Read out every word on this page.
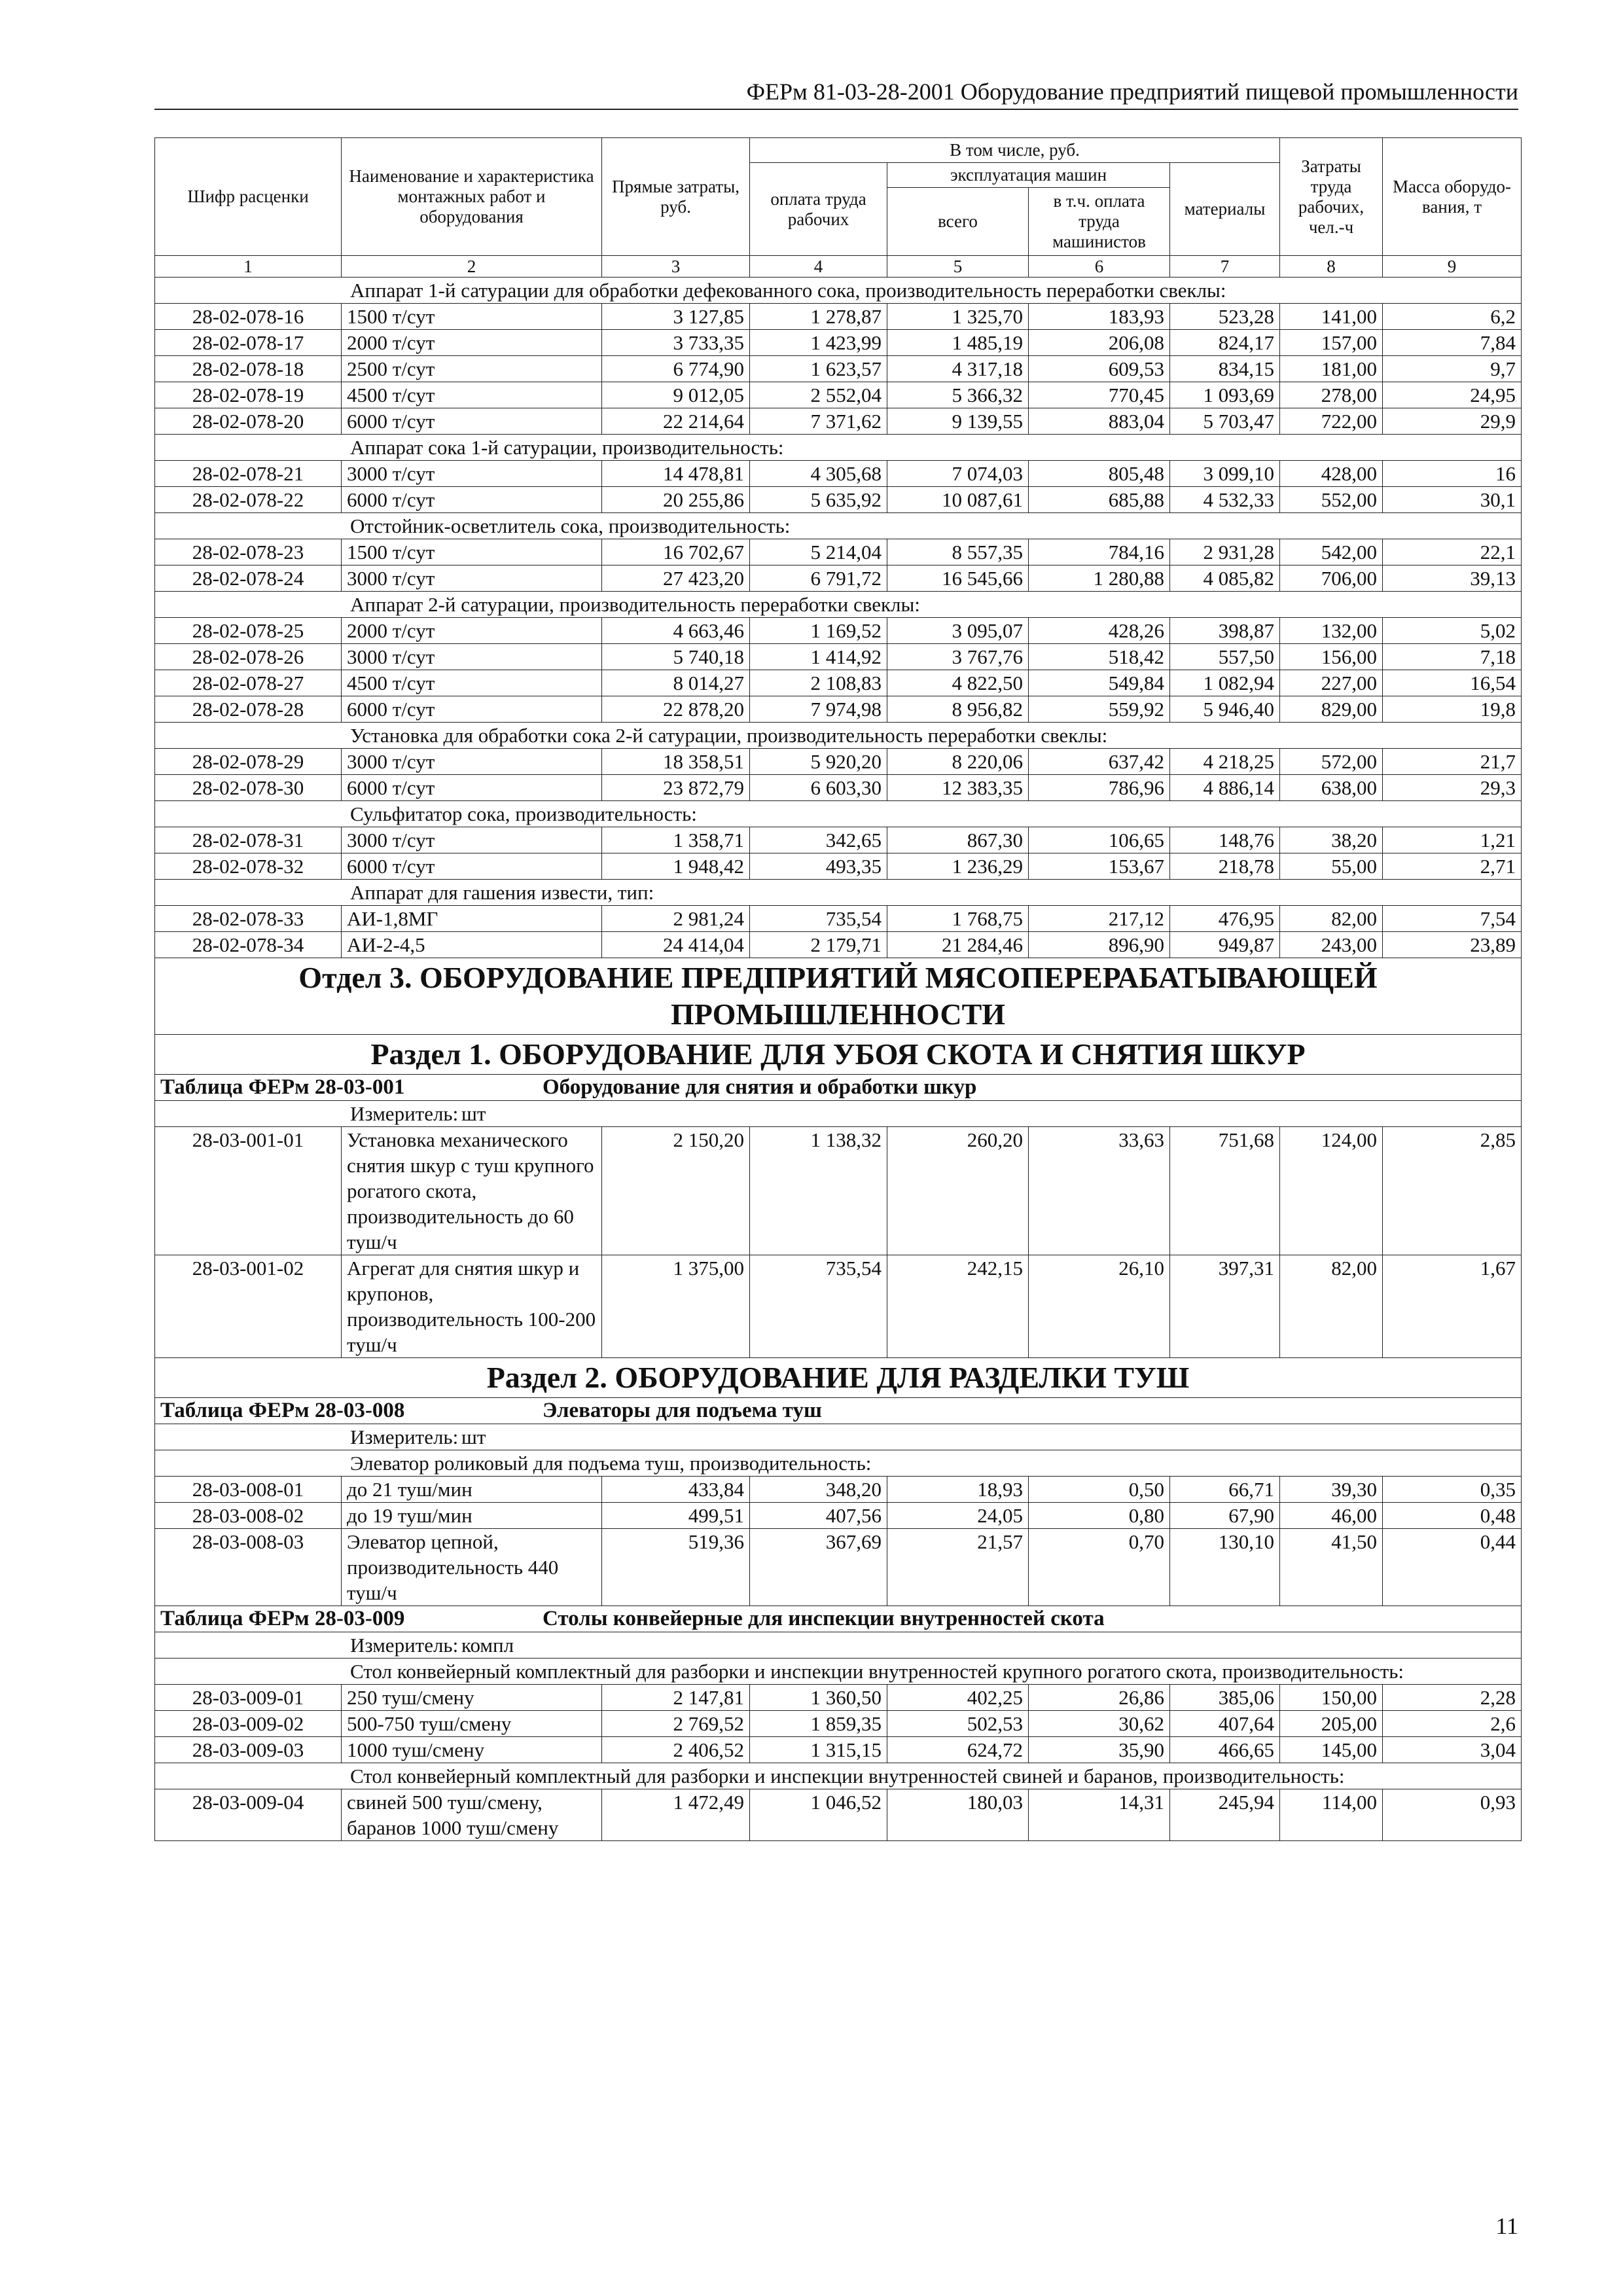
ФЕРм 81-03-28-2001 Оборудование предприятий пищевой промышленности
Шифр расценки	Наименование и характеристика монтажных работ и оборудования	Прямые затраты, руб.	В том числе, руб.				Затраты труда рабочих, чел.-ч	Масса оборудо-вания, т
			оплата труда рабочих	эксплуатация машин		материалы		
				всего	в т.ч. оплата труда машинистов			
1	2	3	4	5	6	7	8	9
Аппарат 1-й сатурации для обработки дефекованного сока, производительность переработки свеклы:								
28-02-078-16	1500 т/сут	3 127,85	1 278,87	1 325,70	183,93	523,28	141,00	6,2
28-02-078-17	2000 т/сут	3 733,35	1 423,99	1 485,19	206,08	824,17	157,00	7,84
28-02-078-18	2500 т/сут	6 774,90	1 623,57	4 317,18	609,53	834,15	181,00	9,7
28-02-078-19	4500 т/сут	9 012,05	2 552,04	5 366,32	770,45	1 093,69	278,00	24,95
28-02-078-20	6000 т/сут	22 214,64	7 371,62	9 139,55	883,04	5 703,47	722,00	29,9
Аппарат сока 1-й сатурации, производительность:								
28-02-078-21	3000 т/сут	14 478,81	4 305,68	7 074,03	805,48	3 099,10	428,00	16
28-02-078-22	6000 т/сут	20 255,86	5 635,92	10 087,61	685,88	4 532,33	552,00	30,1
Отстойник-осветлитель сока, производительность:								
28-02-078-23	1500 т/сут	16 702,67	5 214,04	8 557,35	784,16	2 931,28	542,00	22,1
28-02-078-24	3000 т/сут	27 423,20	6 791,72	16 545,66	1 280,88	4 085,82	706,00	39,13
Аппарат 2-й сатурации, производительность переработки свеклы:								
28-02-078-25	2000 т/сут	4 663,46	1 169,52	3 095,07	428,26	398,87	132,00	5,02
28-02-078-26	3000 т/сут	5 740,18	1 414,92	3 767,76	518,42	557,50	156,00	7,18
28-02-078-27	4500 т/сут	8 014,27	2 108,83	4 822,50	549,84	1 082,94	227,00	16,54
28-02-078-28	6000 т/сут	22 878,20	7 974,98	8 956,82	559,92	5 946,40	829,00	19,8
Установка для обработки сока 2-й сатурации, производительность переработки свеклы:								
28-02-078-29	3000 т/сут	18 358,51	5 920,20	8 220,06	637,42	4 218,25	572,00	21,7
28-02-078-30	6000 т/сут	23 872,79	6 603,30	12 383,35	786,96	4 886,14	638,00	29,3
Сульфитатор сока, производительность:								
28-02-078-31	3000 т/сут	1 358,71	342,65	867,30	106,65	148,76	38,20	1,21
28-02-078-32	6000 т/сут	1 948,42	493,35	1 236,29	153,67	218,78	55,00	2,71
Аппарат для гашения извести, тип:								
28-02-078-33	АИ-1,8МГ	2 981,24	735,54	1 768,75	217,12	476,95	82,00	7,54
28-02-078-34	АИ-2-4,5	24 414,04	2 179,71	21 284,46	896,90	949,87	243,00	23,89
Отдел 3. ОБОРУДОВАНИЕ ПРЕДПРИЯТИЙ МЯСОПЕРЕРАБАТЫВАЮЩЕЙ ПРОМЫШЛЕННОСТИ								
Раздел 1. ОБОРУДОВАНИЕ ДЛЯ УБОЯ СКОТА И СНЯТИЯ ШКУР								
Таблица ФЕРм 28-03-001 Оборудование для снятия и обработки шкур								
Измеритель: шт								
28-03-001-01	Установка механического снятия шкур с туш крупного рогатого скота, производительность до 60 туш/ч	2 150,20	1 138,32	260,20	33,63	751,68	124,00	2,85
28-03-001-02	Агрегат для снятия шкур и крупонов, производительность 100-200 туш/ч	1 375,00	735,54	242,15	26,10	397,31	82,00	1,67
Раздел 2. ОБОРУДОВАНИЕ ДЛЯ РАЗДЕЛКИ ТУШ								
Таблица ФЕРм 28-03-008 Элеваторы для подъема туш								
Измеритель: шт								
Элеватор роликовый для подъема туш, производительность:								
28-03-008-01	до 21 туш/мин	433,84	348,20	18,93	0,50	66,71	39,30	0,35
28-03-008-02	до 19 туш/мин	499,51	407,56	24,05	0,80	67,90	46,00	0,48
28-03-008-03	Элеватор цепной, производительность 440 туш/ч	519,36	367,69	21,57	0,70	130,10	41,50	0,44
Таблица ФЕРм 28-03-009 Столы конвейерные для инспекции внутренностей скота								
Измеритель: компл								
Стол конвейерный комплектный для разборки и инспекции внутренностей крупного рогатого скота, производительность:								
28-03-009-01	250 туш/смену	2 147,81	1 360,50	402,25	26,86	385,06	150,00	2,28
28-03-009-02	500-750 туш/смену	2 769,52	1 859,35	502,53	30,62	407,64	205,00	2,6
28-03-009-03	1000 туш/смену	2 406,52	1 315,15	624,72	35,90	466,65	145,00	3,04
Стол конвейерный комплектный для разборки и инспекции внутренностей свиней и баранов, производительность:								
28-03-009-04	свиней 500 туш/смену, баранов 1000 туш/смену	1 472,49	1 046,52	180,03	14,31	245,94	114,00	0,93
11
